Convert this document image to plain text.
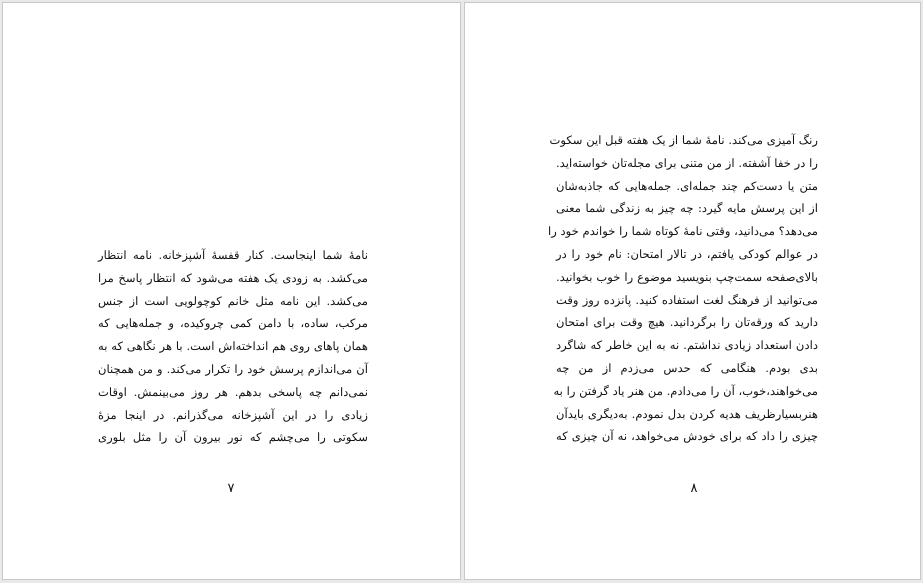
نامهٔ شما اینجاست. کنار قفسهٔ آشپزخانه. نامه انتظار
می‌کشد. به زودی یک هفته می‌شود که انتظار پاسخ مرا
می‌کشد. این نامه مثل خانم کوچولویی است از جنس
مرکب، ساده، با دامن کمی چروکیده، و جمله‌هایی که
همان پاهای روی هم انداخته‌اش است. با هر نگاهی که به
آن می‌اندازم پرسش خود را تکرار می‌کند. و من همچنان
نمی‌دانم چه پاسخی بدهم. هر روز می‌بینمش. اوقات
زیادی را در این آشپزخانه می‌گذرانم. در اینجا مزهٔ
سکوتی را می‌چشم که نور بیرون آن را مثل بلوری
۷
رنگ آمیزی می‌کند. نامهٔ شما از یک هفته قبل این سکوت
را در خفا آشفته. از من متنی برای مجله‌تان خواسته‌اید.
متن یا دست‌کم چند جمله‌ای. جمله‌هایی که جاذبه‌شان
از این پرسش مایه گیرد: چه چیز به زندگی شما معنی
می‌دهد؟ می‌دانید، وقتی نامهٔ کوتاه شما را خواندم خود را
در عوالم کودکی یافتم، در تالار امتحان: نام خود را در
بالای‌صفحه سمت‌چپ بنویسید موضوع را خوب بخوانید.
می‌توانید از فرهنگ لغت استفاده کنید. پانزده روز وقت
دارید که ورقه‌تان را برگردانید. هیچ وقت برای امتحان
دادن استعداد زیادی نداشتم. نه به این خاطر که شاگرد
بدی بودم. هنگامی که حدس می‌زدم از من چه
می‌خواهند،خوب، آن را می‌دادم. من هنر یاد گرفتن را به
هنربسیارظریف هدیه کردن بدل نمودم. به‌دیگری بایدآن
چیزی را داد که برای خودش می‌خواهد، نه آن چیزی که
۸
